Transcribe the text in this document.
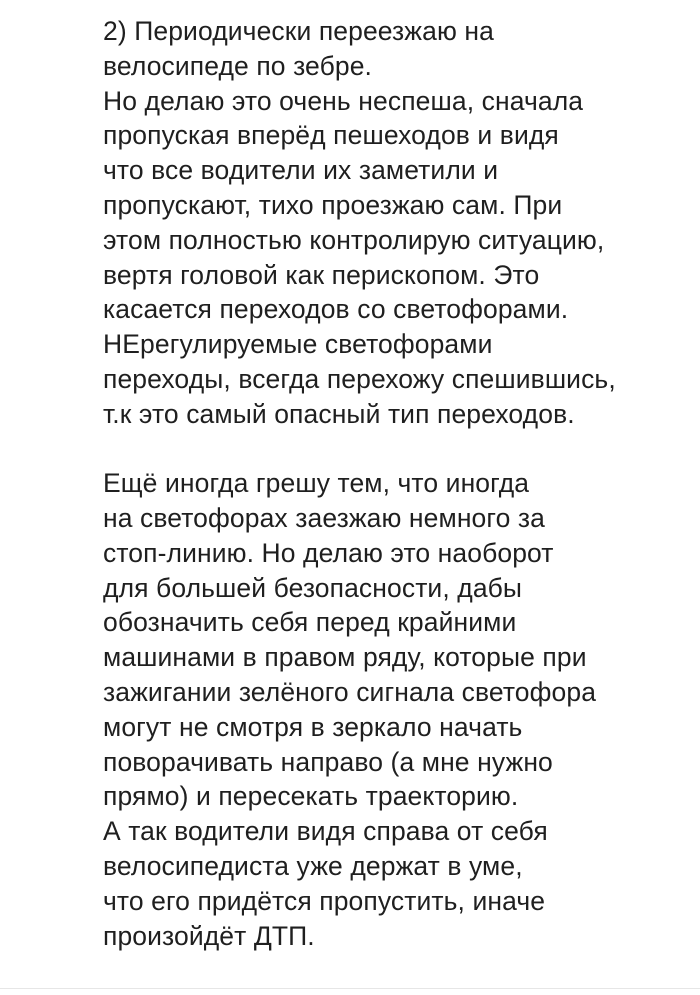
2) Периодически переезжаю на
велосипеде по зебре.
Но делаю это очень неспеша, сначала
пропуская вперёд пешеходов и видя
что все водители их заметили и
пропускают, тихо проезжаю сам. При
этом полностью контролирую ситуацию,
вертя головой как перископом. Это
касается переходов со светофорами.
НЕрегулируемые светофорами
переходы, всегда перехожу спешившись,
т.к это самый опасный тип переходов.
Ещё иногда грешу тем, что иногда
на светофорах заезжаю немного за
стоп-линию. Но делаю это наоборот
для большей безопасности, дабы
обозначить себя перед крайними
машинами в правом ряду, которые при
зажигании зелёного сигнала светофора
могут не смотря в зеркало начать
поворачивать направо (а мне нужно
прямо) и пересекать траекторию.
А так водители видя справа от себя
велосипедиста уже держат в уме,
что его придётся пропустить, иначе
произойдёт ДТП.
